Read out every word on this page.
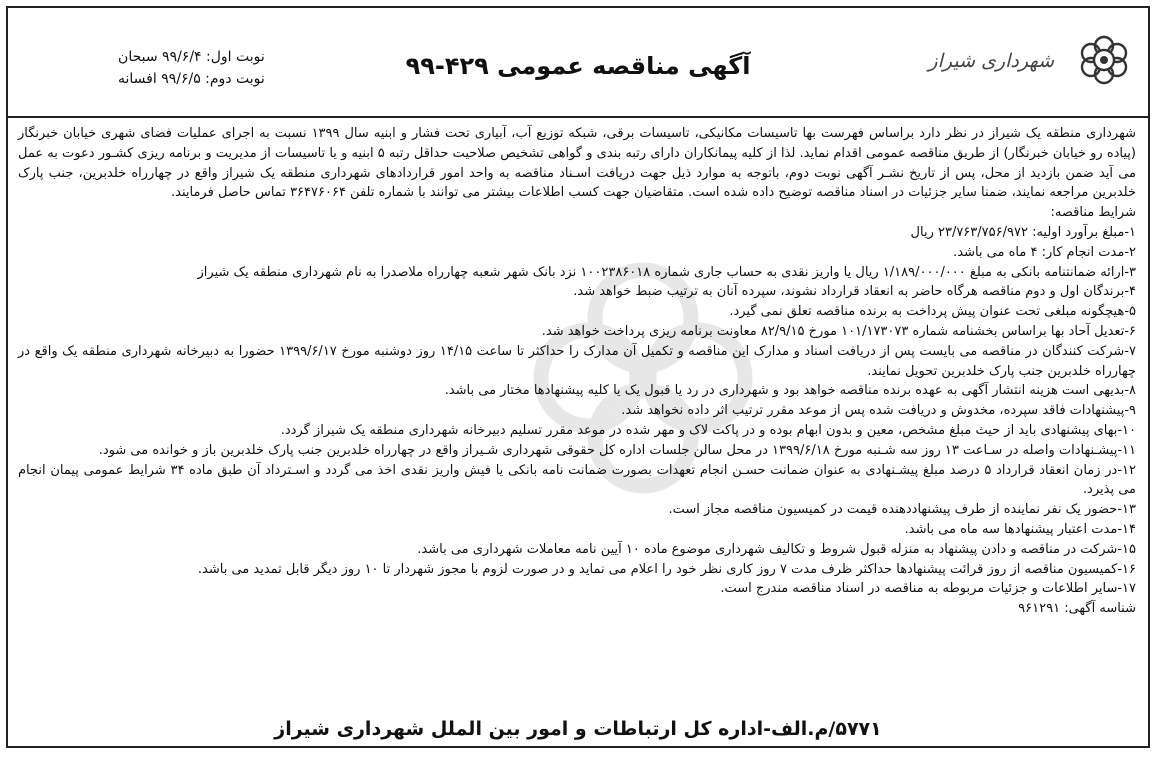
شهرداری شیراز
آگهی مناقصه عمومی ۴۲۹-۹۹
نوبت اول: ۹۹/۶/۴ سبحان
نوبت دوم: ۹۹/۶/۵ افسانه

شهرداری منطقه یک شیراز در نظر دارد براساس فهرست بها تاسیسات مکانیکی، تاسیسات برقی، شبکه توزیع آب، آبیاری تحت فشار و ابنیه سال ۱۳۹۹ نسبت به اجرای عملیات فضای شهری خیابان خبرنگار (پیاده رو خیابان خبرنگار) از طریق مناقصه عمومی اقدام نماید. لذا از کلیه پیمانکاران دارای رتبه بندی و گواهی تشخیص صلاحیت حداقل رتبه ۵ ابنیه و یا تاسیسات از مدیریت و برنامه ریزی کشـور دعوت به عمل می آید ضمن بازدید از محل، پس از تاریخ نشـر آگهی نوبت دوم، باتوجه به موارد ذیل جهت دریافت اسـناد مناقصه به واحد امور قراردادهای شهرداری منطقه یک شیراز واقع در چهارراه خلدبرین، جنب پارک خلدبرین مراجعه نمایند، ضمنا سایر جزئیات در اسناد مناقصه توضیح داده شده است. متقاضیان جهت کسب اطلاعات بیشتر می توانند با شماره تلفن ۳۶۴۷۶۰۶۴ تماس حاصل فرمایند.

شرایط مناقصه:

۱-مبلغ برآورد اولیه: ۲۳/۷۶۳/۷۵۶/۹۷۲ ریال

۲-مدت انجام کار: ۴ ماه می باشد.

۳-ارائه ضمانتنامه بانکی به مبلغ ۱/۱۸۹/۰۰۰/۰۰۰ ریال یا واریز نقدی به حساب جاری شماره ۱۰۰۲۳۸۶۰۱۸ نزد بانک شهر شعبه چهارراه ملاصدرا به نام شهرداری منطقه یک شیراز

۴-برندگان اول و دوم مناقصه هرگاه حاضر به انعقاد قرارداد نشوند، سپرده آنان به ترتیب ضبط خواهد شد.

۵-هیچگونه مبلغی تحت عنوان پیش پرداخت به برنده مناقصه تعلق نمی گیرد.

۶-تعدیل آحاد بها براساس بخشنامه شماره ۱۰۱/۱۷۳۰۷۳ مورخ ۸۲/۹/۱۵ معاونت برنامه ریزی پرداخت خواهد شد.

۷-شرکت کنندگان در مناقصه می بایست پس از دریافت اسناد و مدارک این مناقصه و تکمیل آن مدارک را حداکثر تا ساعت ۱۴/۱۵ روز دوشنبه مورخ ۱۳۹۹/۶/۱۷ حضورا به دبیرخانه شهرداری منطقه یک واقع در چهارراه خلدبرین جنب پارک خلدبرین تحویل نمایند.

۸-بدیهی است هزینه انتشار آگهی به عهده برنده مناقصه خواهد بود و شهرداری در رد یا قبول یک یا کلیه پیشنهادها مختار می باشد.

۹-پیشنهادات فاقد سپرده، مخدوش و دریافت شده پس از موعد مقرر ترتیب اثر داده نخواهد شد.

۱۰-بهای پیشنهادی باید از حیث مبلغ مشخص، معین و بدون ابهام بوده و در پاکت لاک و مهر شده در موعد مقرر تسلیم دبیرخانه شهرداری منطقه یک شیراز گردد.

۱۱-پیشـنهادات واصله در سـاعت ۱۳ روز سه شـنبه مورخ ۱۳۹۹/۶/۱۸ در محل سالن جلسات اداره کل حقوقی شهرداری شـیراز واقع در چهارراه خلدبرین جنب پارک خلدبرین باز و خوانده می شود.

۱۲-در زمان انعقاد قرارداد ۵ درصد مبلغ پیشـنهادی به عنوان ضمانت حسـن انجام تعهدات بصورت ضمانت نامه بانکی یا فیش واریز نقدی اخذ می گردد و اسـترداد آن طبق ماده ۳۴ شرایط عمومی پیمان انجام می پذیرد.

۱۳-حضور یک نفر نماینده از طرف پیشنهاددهنده قیمت در کمیسیون مناقصه مجاز است.

۱۴-مدت اعتبار پیشنهادها سه ماه می باشد.

۱۵-شرکت در مناقصه و دادن پیشنهاد به منزله قبول شروط و تکالیف شهرداری موضوع ماده ۱۰ آیین نامه معاملات شهرداری می باشد.

۱۶-کمیسیون مناقصه از روز قرائت پیشنهادها حداکثر ظرف مدت ۷ روز کاری نظر خود را اعلام می نماید و در صورت لزوم با مجوز شهردار تا ۱۰ روز دیگر قابل تمدید می باشد.

۱۷-سایر اطلاعات و جزئیات مربوطه به مناقصه در اسناد مناقصه مندرج است.

شناسه آگهی: ۹۶۱۲۹۱

۵۷۷۱/م.الف-اداره کل ارتباطات و امور بین الملل شهرداری شیراز
